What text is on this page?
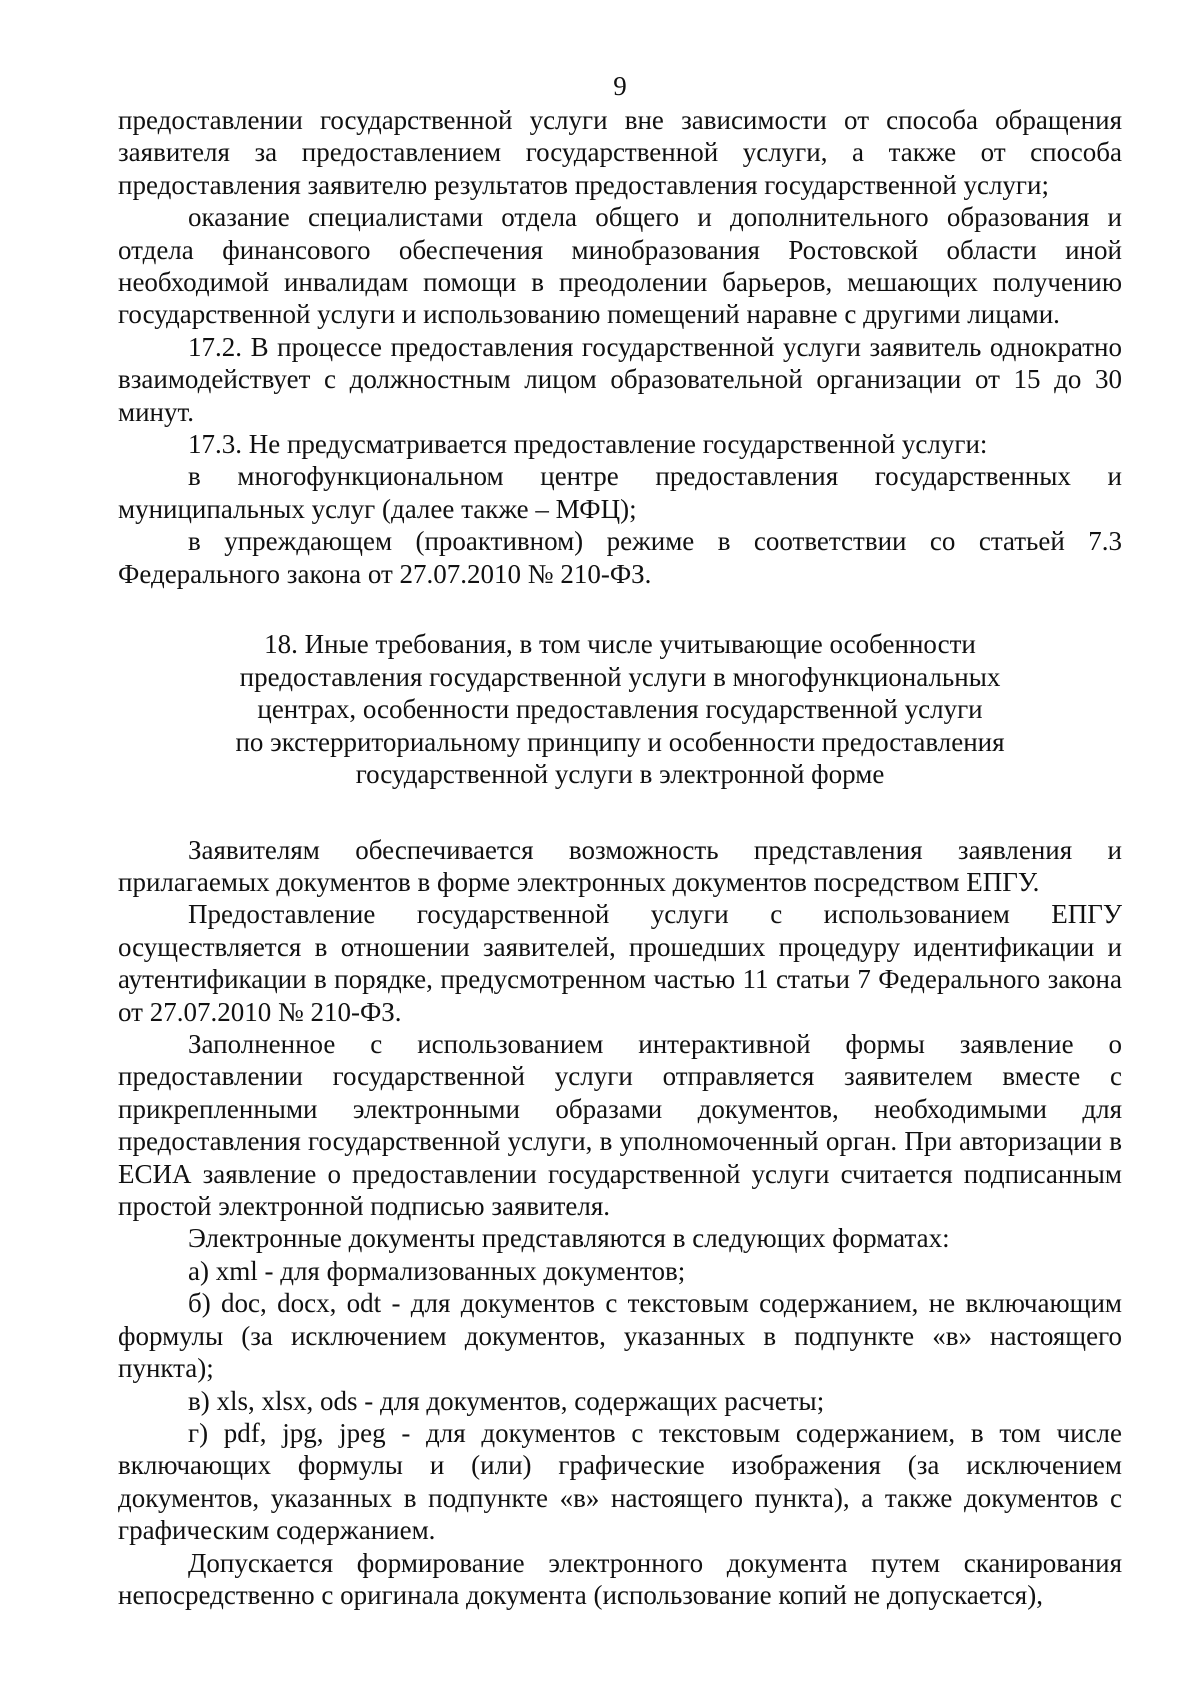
9

предоставлении государственной услуги вне зависимости от способа обращения заявителя за предоставлением государственной услуги, а также от способа предоставления заявителю результатов предоставления государственной услуги;

оказание специалистами отдела общего и дополнительного образования и отдела финансового обеспечения минобразования Ростовской области иной необходимой инвалидам помощи в преодолении барьеров, мешающих получению государственной услуги и использованию помещений наравне с другими лицами.

17.2. В процессе предоставления государственной услуги заявитель однократно взаимодействует с должностным лицом образовательной организации от 15 до 30 минут.

17.3. Не предусматривается предоставление государственной услуги:

в многофункциональном центре предоставления государственных и муниципальных услуг (далее также – МФЦ);

в упреждающем (проактивном) режиме в соответствии со статьей 7.3 Федерального закона от 27.07.2010 № 210-ФЗ.

18. Иные требования, в том числе учитывающие особенности
предоставления государственной услуги в многофункциональных
центрах, особенности предоставления государственной услуги
по экстерриториальному принципу и особенности предоставления
государственной услуги в электронной форме

Заявителям обеспечивается возможность представления заявления и прилагаемых документов в форме электронных документов посредством ЕПГУ.

Предоставление государственной услуги с использованием ЕПГУ осуществляется в отношении заявителей, прошедших процедуру идентификации и аутентификации в порядке, предусмотренном частью 11 статьи 7 Федерального закона от 27.07.2010 № 210-ФЗ.

Заполненное с использованием интерактивной формы заявление о предоставлении государственной услуги отправляется заявителем вместе с прикрепленными электронными образами документов, необходимыми для предоставления государственной услуги, в уполномоченный орган. При авторизации в ЕСИА заявление о предоставлении государственной услуги считается подписанным простой электронной подписью заявителя.

Электронные документы представляются в следующих форматах:

а) xml - для формализованных документов;

б) doc, docx, odt - для документов с текстовым содержанием, не включающим формулы (за исключением документов, указанных в подпункте «в» настоящего пункта);

в) xls, xlsx, ods - для документов, содержащих расчеты;

г) pdf, jpg, jpeg - для документов с текстовым содержанием, в том числе включающих формулы и (или) графические изображения (за исключением документов, указанных в подпункте «в» настоящего пункта), а также документов с графическим содержанием.

Допускается формирование электронного документа путем сканирования непосредственно с оригинала документа (использование копий не допускается),
